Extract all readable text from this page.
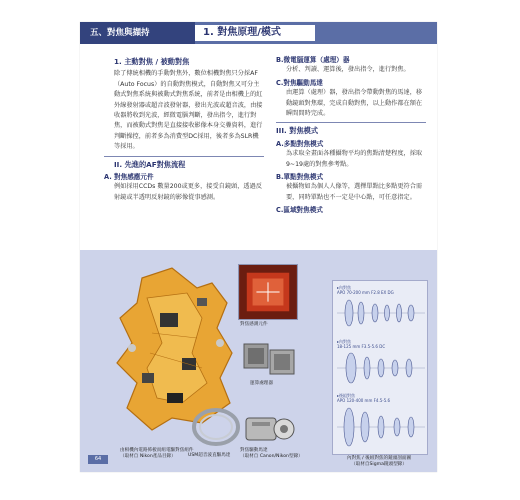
五、對焦與擷持	1. 對焦原理/模式
1. 主動對焦 / 被動對焦
除了傳統相機的手動對焦外，數位相機對焦只分採AF（Auto Focus）的自動對焦模式，自動對焦又可分主動式對焦系統與被動式對焦系統，前者是由相機上的紅外線發射器或超音波發射器，發出光波或超音波，由接收器將收到光波，經微電腦判斷，發出指令，進行對焦，而被動式對焦是直接接收影像本身交疊資料，進行判斷操控，前者多為消費型DC採用，後者多為SLR機等採用。
II. 先進的AF對焦流程
A. 對焦感應元件
例如採用CCDs 數量200或更多，接受自鏡頭，透過反射鏡或半透明反射鏡的影像從事感測。
B.微電腦運算（處理）器
分析、判讀、運算後，發出指令，進行對焦。
C.對焦驅動馬達
由運算（處理）器，發出指令帶動對焦的馬達，移動鏡頭對焦環，完成自動對焦，以上動作都在額在瞬間間時完成。
III. 對焦模式
A.多點對焦模式
為求取全畫面各種攝物平均的焦點清楚程度，採取9~19處的對焦參考點。
B.單點對焦模式
被攝物如為個人人像等，選擇單點比多點更符合需要，同時單點也不一定是中心點，可任意指定。
C.區域對焦模式
對焦感測元件
運算處理器
由相機內電路佈板而組電驅對焦組件
（取材自 Nikon產品目錄）	USM超音波直驅馬達
對焦驅動馬達
（取材自 Canon/Nikon型錄）
▸內對焦
APO 70-200 mm F2.8 EX DG
▸內對焦
18-125 mm F3.5-5.6 DC
▸後組對焦
APO 120-400 mm F4.5-5.6
內對焦 / 後組對焦的鏡頭剖面圖
（取材自Sigma鏡頭型錄）
64
